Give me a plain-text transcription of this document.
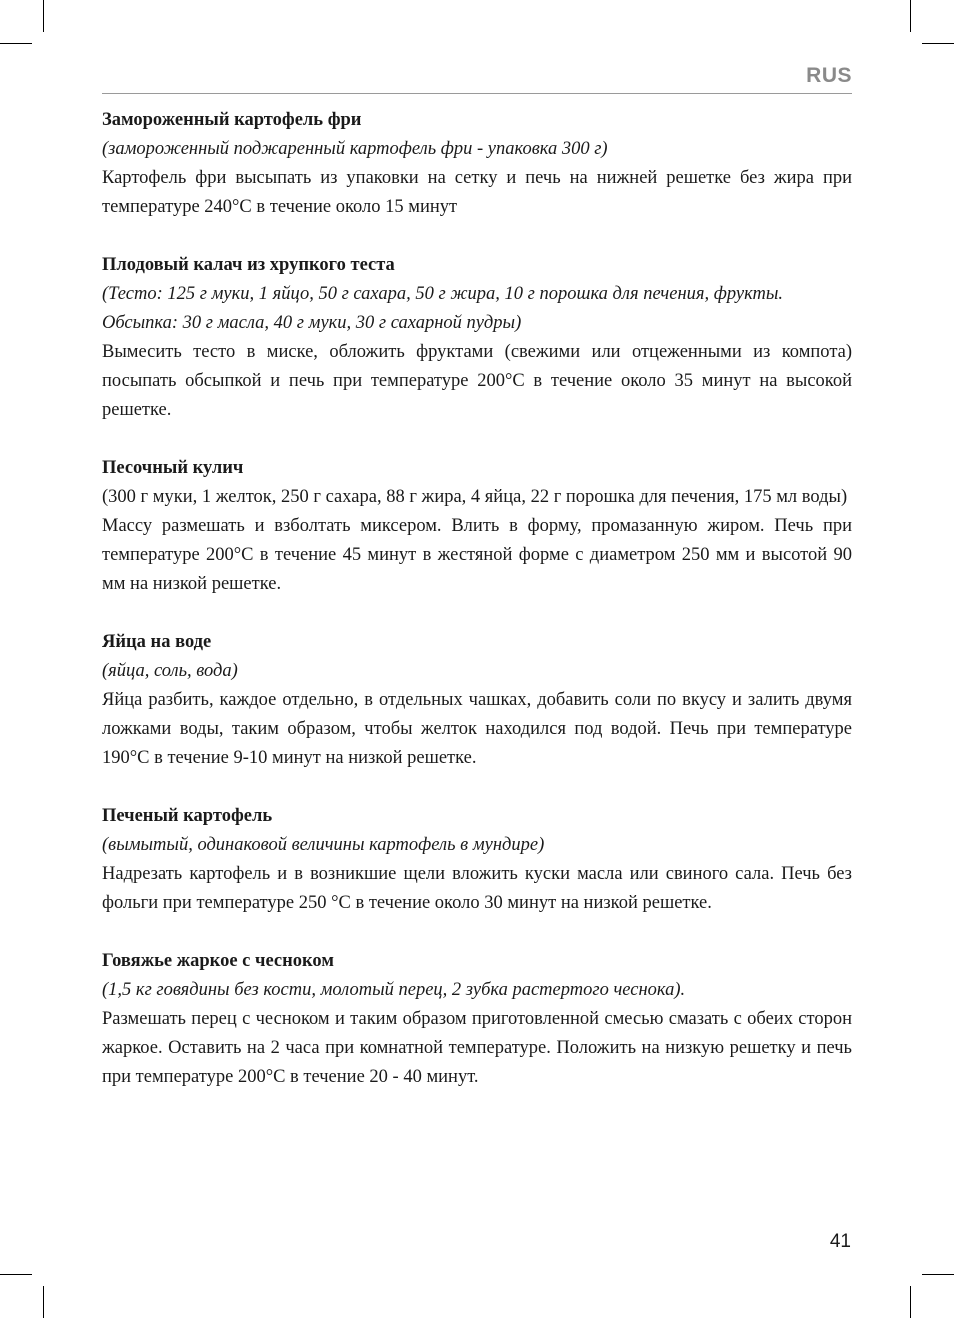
RUS
Замороженный картофель фри
(замороженный поджаренный картофель фри - упаковка 300 г)
Картофель фри высыпать из упаковки на сетку и печь на нижней решетке без жира при температуре 240°С в течение около 15 минут
Плодовый калач из хрупкого теста
(Тесто: 125 г муки, 1 яйцо, 50 г сахара, 50 г жира, 10 г порошка для печения, фрукты. Обсыпка: 30 г масла, 40 г муки, 30 г сахарной пудры)
Вымесить тесто в миске, обложить фруктами (свежими или отцеженными из компота) посыпать обсыпкой и печь при температуре 200°С в течение около 35 минут на высокой решетке.
Песочный кулич
(300 г муки, 1 желток, 250 г сахара, 88 г жира, 4 яйца, 22 г порошка для печения, 175 мл воды)
Массу размешать и взболтать миксером. Влить в форму, промазанную жиром. Печь при температуре 200°С в течение 45 минут в жестяной форме с диаметром 250 мм и высотой 90 мм на низкой решетке.
Яйца на воде
(яйца, соль, вода)
Яйца разбить, каждое отдельно, в отдельных чашках, добавить соли по вкусу и залить двумя ложками воды, таким образом, чтобы желток находился под водой. Печь при температуре 190°С в течение 9-10 минут на низкой решетке.
Печеный картофель
(вымытый, одинаковой величины картофель в мундире)
Надрезать картофель и в возникшие щели вложить куски масла или свиного сала. Печь без фольги при температуре 250 °С в течение около 30 минут на низкой решетке.
Говяжье жаркое с чесноком
(1,5 кг говядины без кости, молотый перец, 2 зубка растертого чеснока).
Размешать перец с чесноком и таким образом приготовленной смесью смазать с обеих сторон жаркое. Оставить на 2 часа при комнатной температуре. Положить на низкую решетку и печь при температуре 200°С в течение 20 - 40 минут.
41
